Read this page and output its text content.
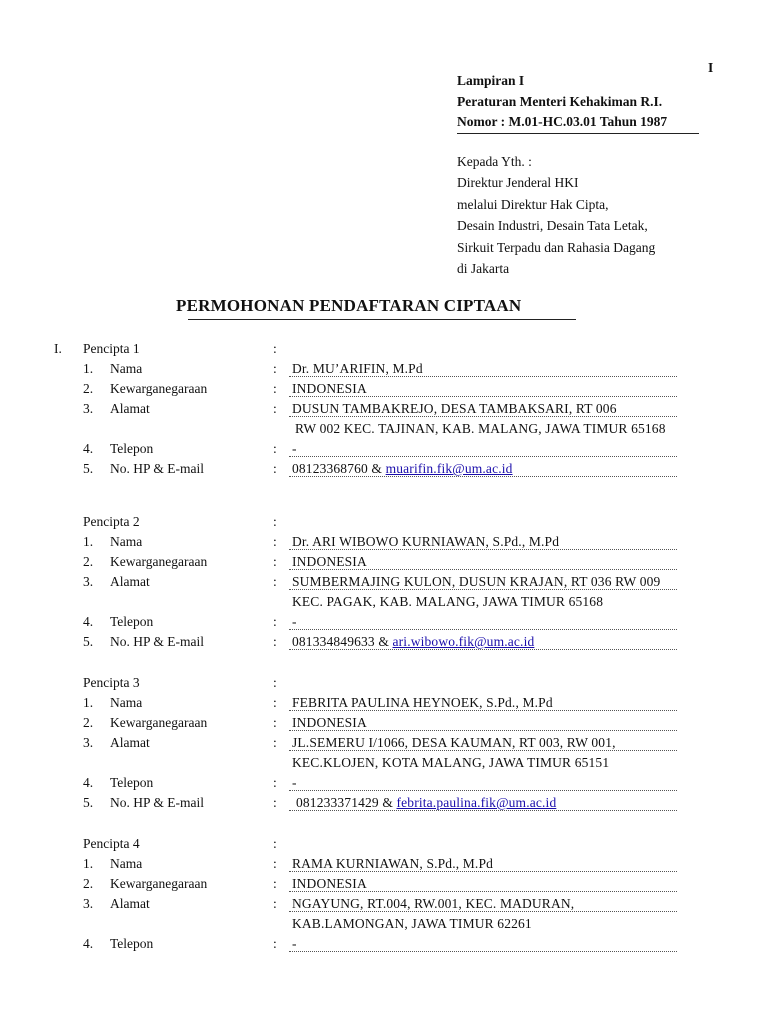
I
Lampiran I
Peraturan Menteri Kehakiman R.I.
Nomor : M.01-HC.03.01 Tahun 1987
Kepada Yth. :
Direktur Jenderal HKI
melalui Direktur Hak Cipta,
Desain Industri, Desain Tata Letak,
Sirkuit Terpadu dan Rahasia Dagang
di Jakarta
PERMOHONAN PENDAFTARAN CIPTAAN
I. Pencipta 1	:
1. Nama	: Dr. MU’ARIFIN, M.Pd
2. Kewarganegaraan	: INDONESIA
3. Alamat	: DUSUN TAMBAKREJO, DESA TAMBAKSARI, RT 006
RW 002 KEC. TAJINAN, KAB. MALANG, JAWA TIMUR 65168
4. Telepon	: -
5. No. HP & E-mail	: 08123368760 & muarifin.fik@um.ac.id
Pencipta 2	:
1. Nama	: Dr. ARI WIBOWO KURNIAWAN, S.Pd., M.Pd
2. Kewarganegaraan	: INDONESIA
3. Alamat	: SUMBERMAJING KULON, DUSUN KRAJAN, RT 036 RW 009
KEC. PAGAK, KAB. MALANG, JAWA TIMUR 65168
4. Telepon	: -
5. No. HP & E-mail	: 081334849633 & ari.wibowo.fik@um.ac.id
Pencipta 3	:
1. Nama	: FEBRITA PAULINA HEYNOEK, S.Pd., M.Pd
2. Kewarganegaraan	: INDONESIA
3. Alamat	: JL.SEMERU I/1066, DESA KAUMAN, RT 003, RW 001,
KEC.KLOJEN, KOTA MALANG, JAWA TIMUR 65151
4. Telepon	: -
5. No. HP & E-mail	: 081233371429 & febrita.paulina.fik@um.ac.id
Pencipta 4	:
1. Nama	: RAMA KURNIAWAN, S.Pd., M.Pd
2. Kewarganegaraan	: INDONESIA
3. Alamat	: NGAYUNG, RT.004, RW.001, KEC. MADURAN,
KAB.LAMONGAN, JAWA TIMUR 62261
4. Telepon	: -
